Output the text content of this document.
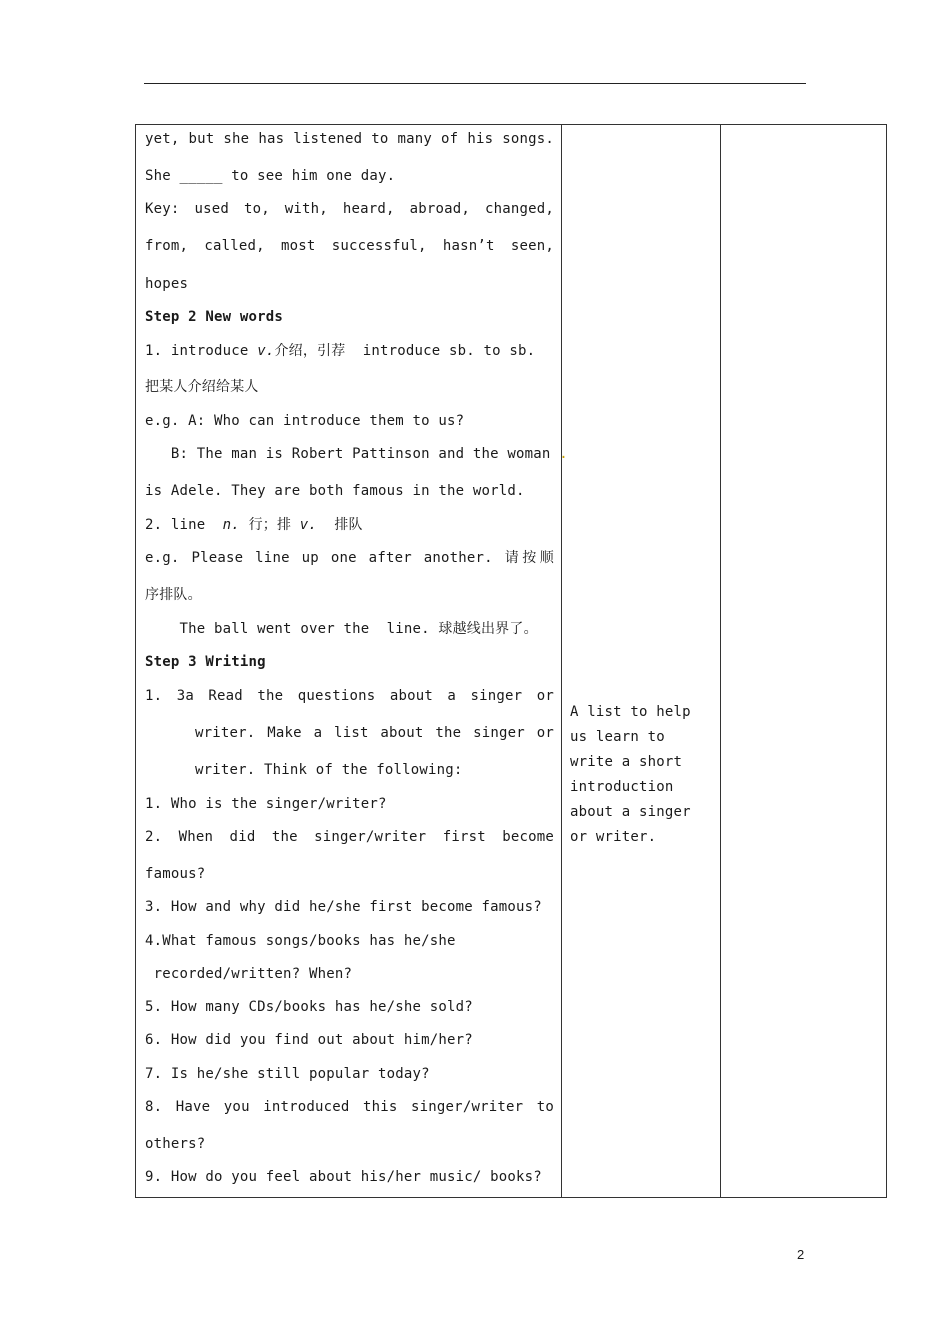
yet, but she has listened to many of his songs.
She _____ to see him one day.
Key: used to, with, heard, abroad, changed,
from, called, most successful, hasn’t seen,
hopes
Step 2 New words
1. introduce v.介绍，引荐  introduce sb. to sb.
把某人介绍给某人
e.g. A: Who can introduce them to us?
B: The man is Robert Pattinson and the woman .
is Adele. They are both famous in the world.
2. line  n. 行；排 v.  排队
e.g. Please line up one after another. 请按顺
序排队。
The ball went over the  line. 球越线出界了。
Step 3 Writing
1. 3a Read the questions about a singer or
writer. Make a list about the singer or
writer. Think of the following:
1. Who is the singer/writer?
2. When did the singer/writer first become
famous?
3. How and why did he/she first become famous?
4.What famous songs/books has he/she
recorded/written? When?
5. How many CDs/books has he/she sold?
6. How did you find out about him/her?
7. Is he/she still popular today?
8. Have you introduced this singer/writer to
others?
9. How do you feel about his/her music/ books?
A list to help
us learn to
write a short
introduction
about a singer
or writer.
2
